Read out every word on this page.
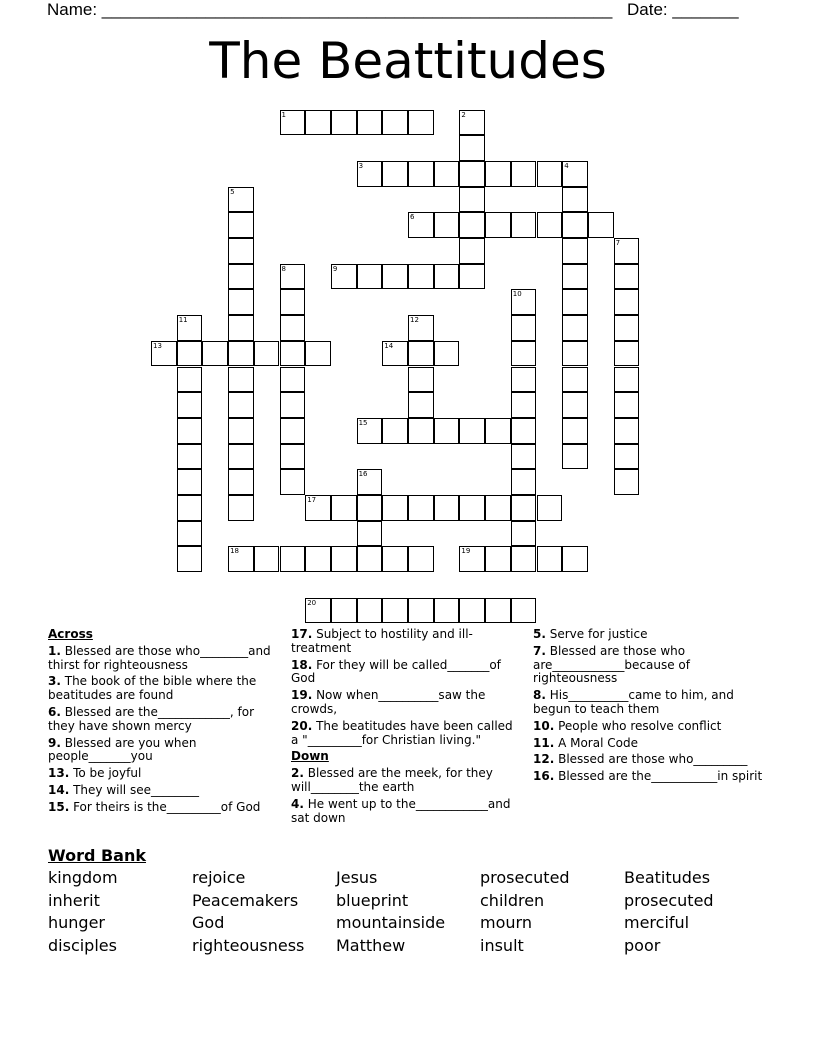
Name: ______________________________________________________ Date: _______
The Beattitudes
1	2
3	4
5
6
7
8	9
10
11	12
13	14
15
16
17
18	19
20
Across
1. Blessed are those who________and thirst for righteousness
3. The book of the bible where the beatitudes are found
6. Blessed are the____________, for they have shown mercy
9. Blessed are you when people_______you
13. To be joyful
14. They will see________
15. For theirs is the_________of God
17. Subject to hostility and ill-treatment
18. For they will be called_______of God
19. Now when__________saw the crowds,
20. The beatitudes have been called a "_________for Christian living."
Down
2. Blessed are the meek, for they will________the earth
4. He went up to the____________and sat down
5. Serve for justice
7. Blessed are those who are____________because of righteousness
8. His__________came to him, and begun to teach them
10. People who resolve conflict
11. A Moral Code
12. Blessed are those who_________
16. Blessed are the___________in spirit
Word Bank
kingdom	rejoice	Jesus	prosecuted	Beatitudes
inherit	Peacemakers	blueprint	children	prosecuted
hunger	God	mountainside	mourn	merciful
disciples	righteousness	Matthew	insult	poor
